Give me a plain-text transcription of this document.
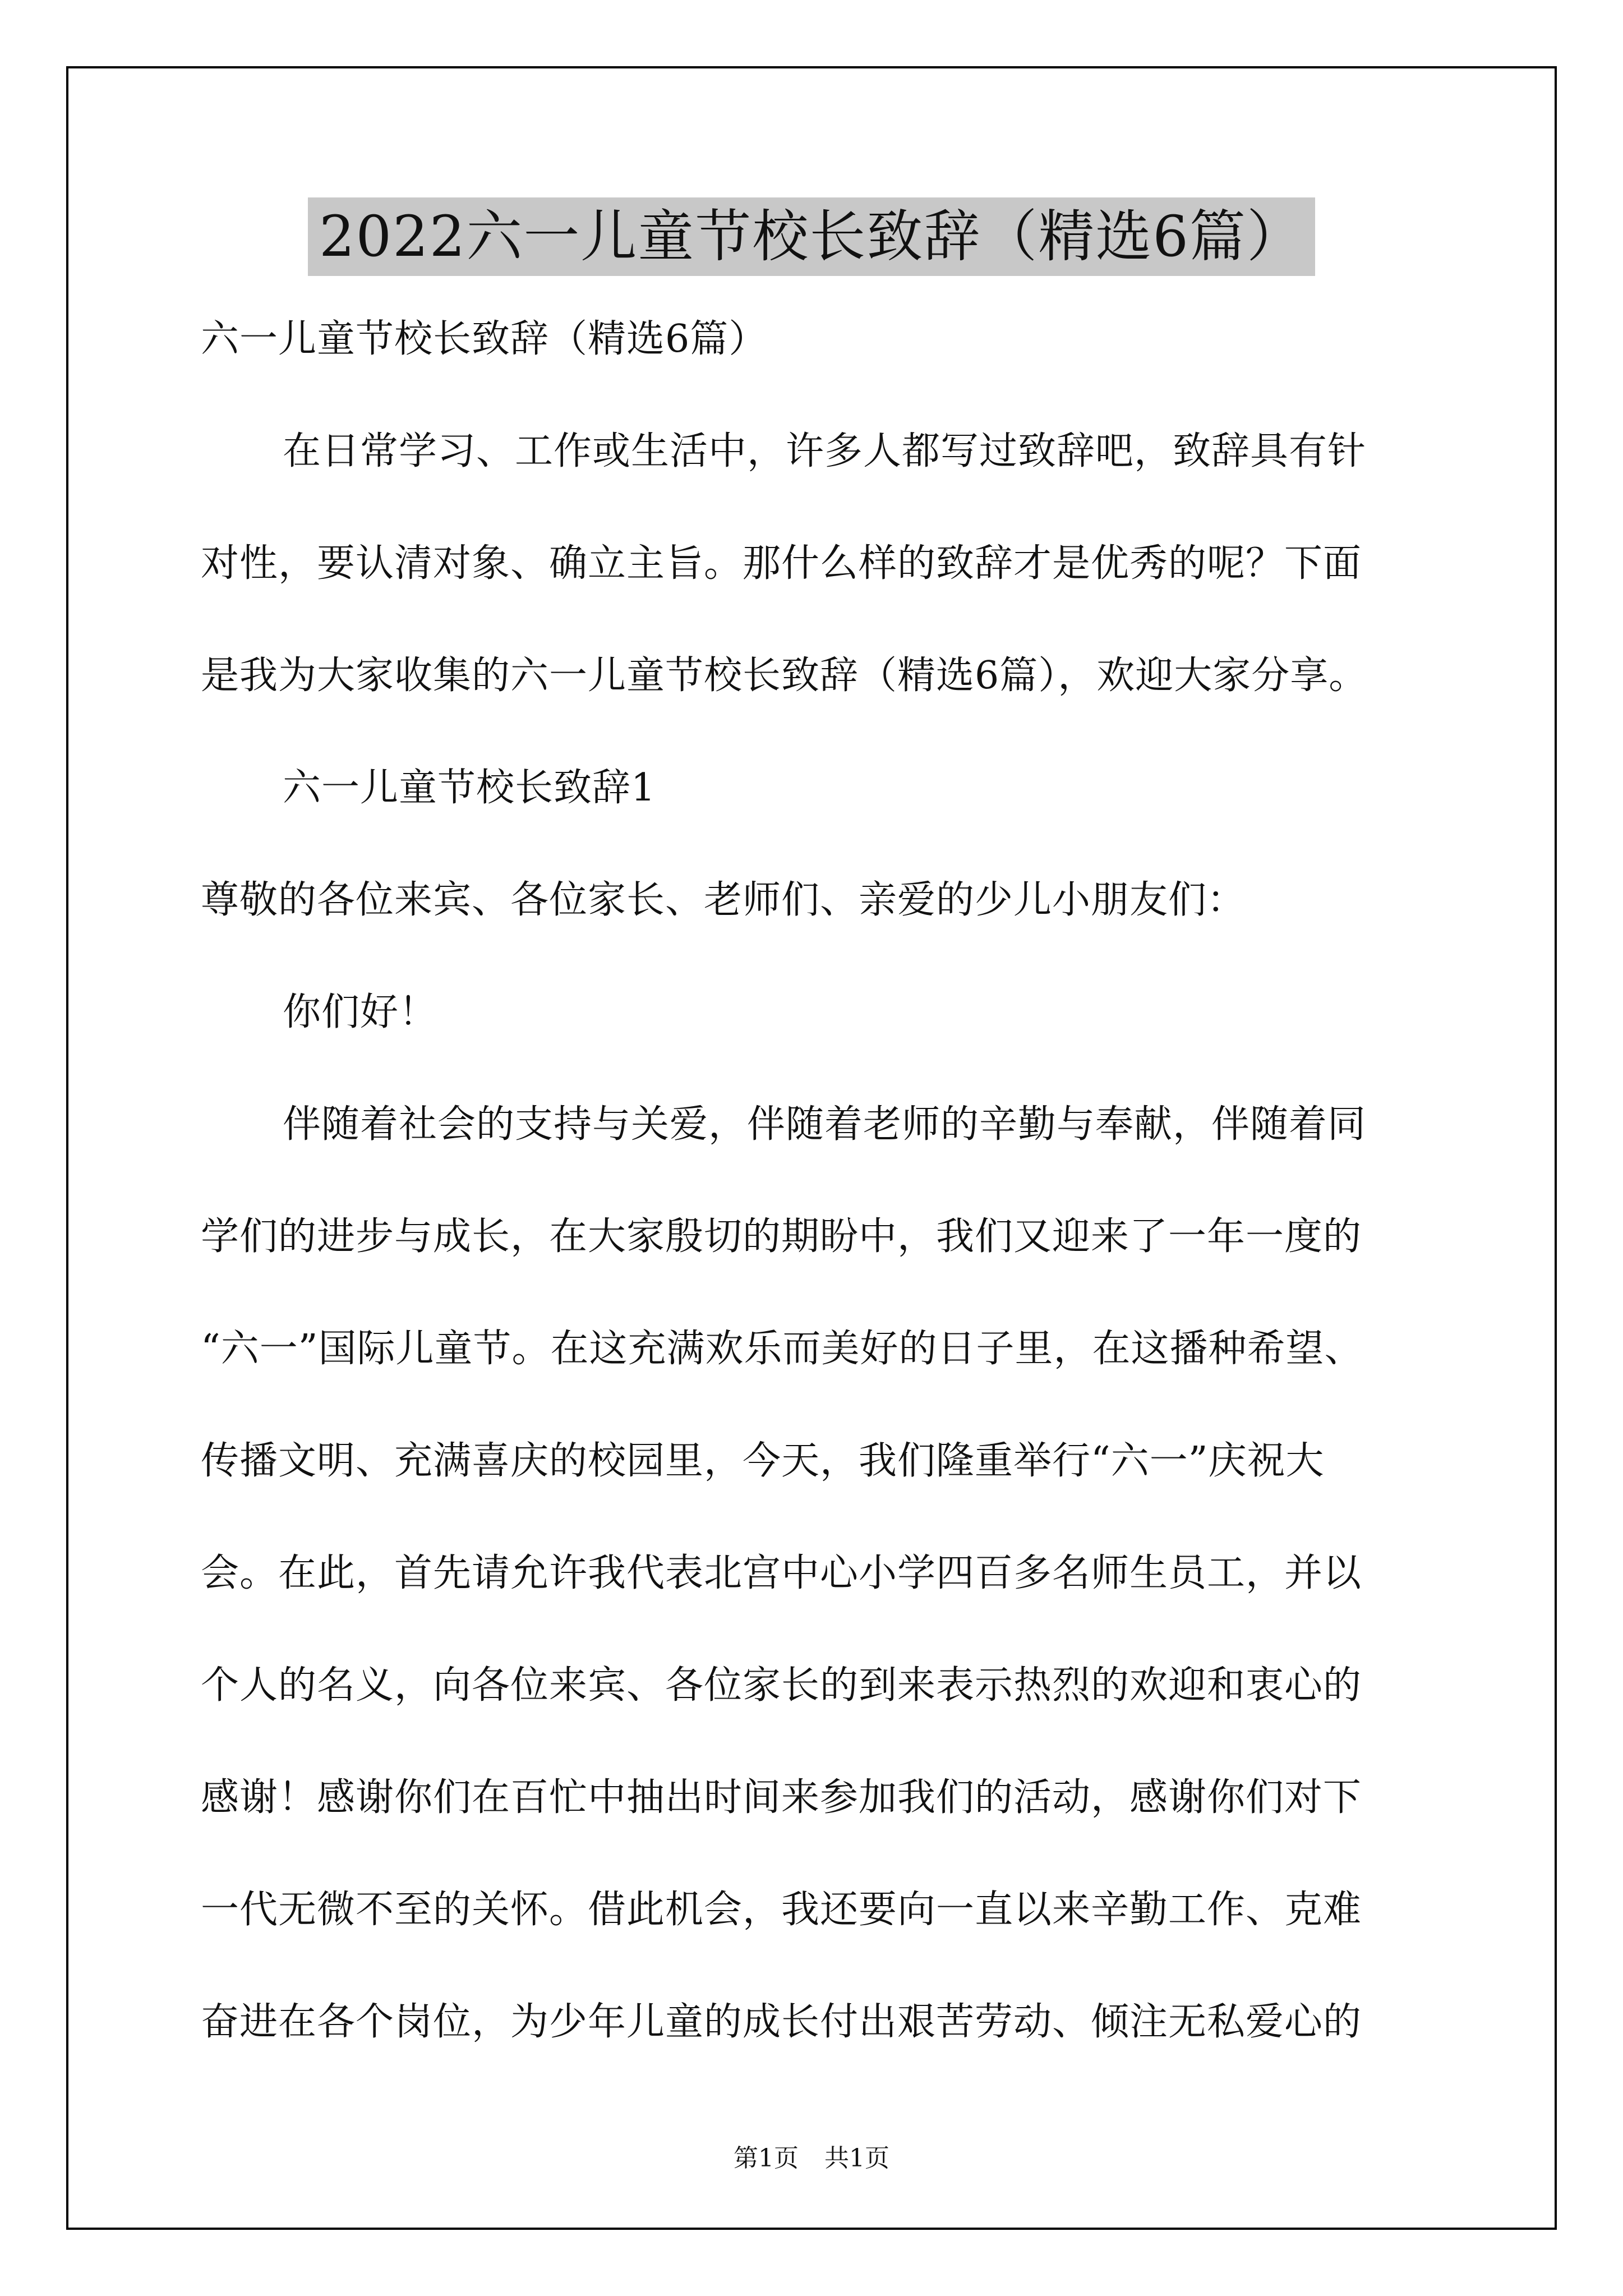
2022六一儿童节校长致辞（精选6篇）
六一儿童节校长致辞（精选6篇）
在日常学习、工作或生活中，许多人都写过致辞吧，致辞具有针
对性，要认清对象、确立主旨。那什么样的致辞才是优秀的呢？下面
是我为大家收集的六一儿童节校长致辞（精选6篇），欢迎大家分享。
六一儿童节校长致辞1
尊敬的各位来宾、各位家长、老师们、亲爱的少儿小朋友们：
你们好！
伴随着社会的支持与关爱，伴随着老师的辛勤与奉献，伴随着同
学们的进步与成长，在大家殷切的期盼中，我们又迎来了一年一度的
“六一”国际儿童节。在这充满欢乐而美好的日子里，在这播种希望、
传播文明、充满喜庆的校园里，今天，我们隆重举行“六一”庆祝大
会。在此，首先请允许我代表北宫中心小学四百多名师生员工，并以
个人的名义，向各位来宾、各位家长的到来表示热烈的欢迎和衷心的
感谢！感谢你们在百忙中抽出时间来参加我们的活动，感谢你们对下
一代无微不至的关怀。借此机会，我还要向一直以来辛勤工作、克难
奋进在各个岗位，为少年儿童的成长付出艰苦劳动、倾注无私爱心的
第1页 共1页
